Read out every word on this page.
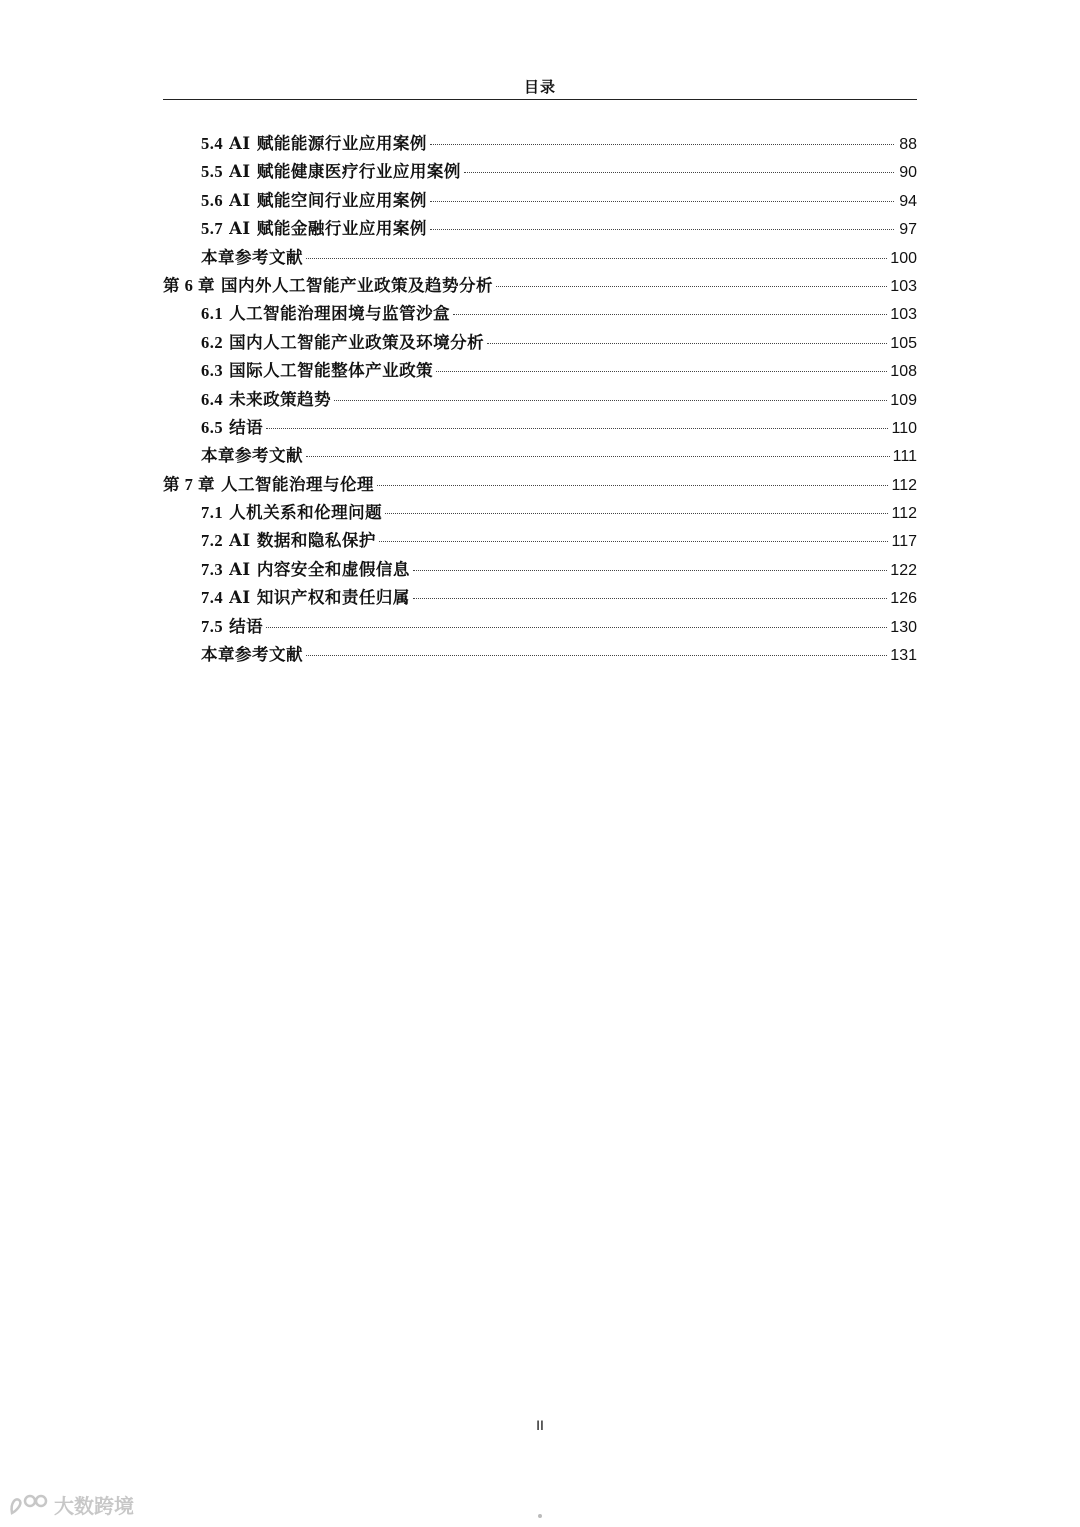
目录
5.4 AI 赋能能源行业应用案例	88
5.5 AI 赋能健康医疗行业应用案例	90
5.6 AI 赋能空间行业应用案例	94
5.7 AI 赋能金融行业应用案例	97
本章参考文献	100
第 6 章 国内外人工智能产业政策及趋势分析	103
6.1 人工智能治理困境与监管沙盒	103
6.2 国内人工智能产业政策及环境分析	105
6.3 国际人工智能整体产业政策	108
6.4 未来政策趋势	109
6.5 结语	110
本章参考文献	111
第 7 章 人工智能治理与伦理	112
7.1 人机关系和伦理问题	112
7.2 AI 数据和隐私保护	117
7.3 AI 内容安全和虚假信息	122
7.4 AI 知识产权和责任归属	126
7.5 结语	130
本章参考文献	131
II
大数跨境
